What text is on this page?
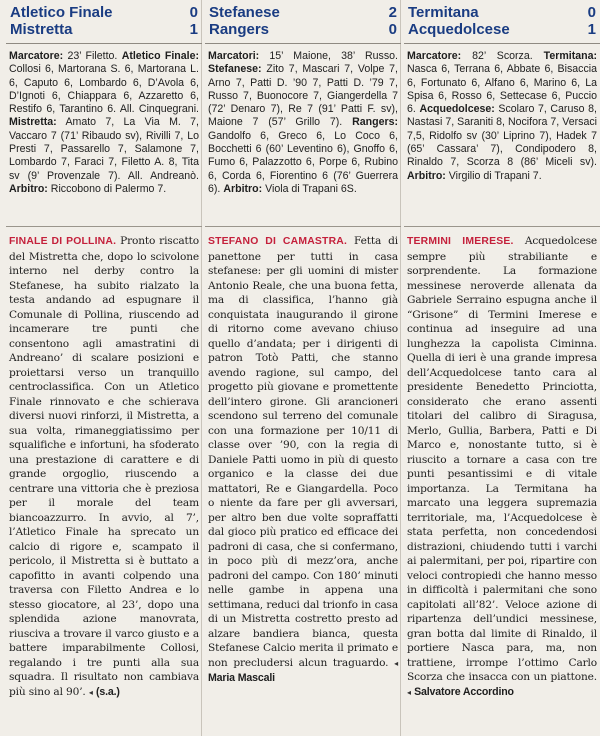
Atletico Finale	0
Mistretta	1
Marcatore: 23’ Filetto. Atletico Finale: Collosi 6, Martorana S. 6, Martorana L. 6, Caputo 6, Lombardo 6, D’Avola 6, D’Ignoti 6, Chiappara 6, Azzaretto 6, Restifo 6, Tarantino 6. All. Cinquegrani. Mistretta: Amato 7, La Via M. 7, Vaccaro 7 (71’ Ribaudo sv), Rivilli 7, Lo Presti 7, Passarello 7, Salamone 7, Lombardo 7, Faraci 7, Filetto A. 8, Tita sv (9’ Provenzale 7). All. Andreanò. Arbitro: Riccobono di Palermo 7.
FINALE DI POLLINA. Pronto riscatto del Mistretta che, dopo lo scivolone interno nel derby contro la Stefanese, ha subito rialzato la testa andando ad espugnare il Comunale di Pollina, riuscendo ad incamerare tre punti che consentono agli amastratini di Andreano’ di scalare posizioni e proiettarsi verso un tranquillo centroclassifica. Con un Atletico Finale rinnovato e che schierava diversi nuovi rinforzi, il Mistretta, a sua volta, rimaneggiatissimo per squalifiche e infortuni, ha sfoderato una prestazione di carattere e di grande orgoglio, riuscendo a centrare una vittoria che è preziosa per il morale del team biancoazzurro. In avvio, al 7’, l’Atletico Finale ha sprecato un calcio di rigore e, scampato il pericolo, il Mistretta si è buttato a capofitto in avanti colpendo una traversa con Filetto Andrea e lo stesso giocatore, al 23’, dopo una splendida azione manovrata, riusciva a trovare il varco giusto e a battere imparabilmente Collosi, regalando i tre punti alla sua squadra. Il risultato non cambiava più sino al 90’. ◂ (s.a.)
Stefanese	2
Rangers	0
Marcatori: 15’ Maione, 38’ Russo. Stefanese: Zito 7, Mascari 7, Volpe 7, Arno 7, Patti D. ’90 7, Patti D. ’79 7, Russo 7, Buonocore 7, Giangerdella 7 (72’ Denaro 7), Re 7 (91’ Patti F. sv), Maione 7 (57’ Grillo 7). Rangers: Gandolfo 6, Greco 6, Lo Coco 6, Bocchetti 6 (60’ Leventino 6), Gnoffo 6, Fumo 6, Palazzotto 6, Porpe 6, Rubino 6, Corda 6, Fiorentino 6 (76’ Guerrera 6). Arbitro: Viola di Trapani 6S.
STEFANO DI CAMASTRA. Fetta di panettone per tutti in casa stefanese: per gli uomini di mister Antonio Reale, che una buona fetta, ma di classifica, l’hanno già conquistata inaugurando il girone di ritorno come avevano chiuso quello d’andata; per i dirigenti di patron Totò Patti, che stanno avendo ragione, sul campo, del progetto più giovane e promettente dell’intero girone. Gli arancioneri scendono sul terreno del comunale con una formazione per 10/11 di classe over ’90, con la regia di Daniele Patti uomo in più di questo organico e la classe dei due mattatori, Re e Giangardella. Poco o niente da fare per gli avversari, per altro ben due volte sopraffatti dal gioco più pratico ed efficace dei padroni di casa, che si confermano, in poco più di mezz’ora, anche padroni del campo. Con 180’ minuti nelle gambe in appena una settimana, reduci dal trionfo in casa di un Mistretta costretto presto ad alzare bandiera bianca, questa Stefanese Calcio merita il primato e non precludersi alcun traguardo. ◂ Maria Mascali
Termitana	0
Acquedolcese	1
Marcatore: 82’ Scorza. Termitana: Nasca 6, Terrana 6, Abbate 6, Bisaccia 6, Fortunato 6, Alfano 6, Marino 6, La Spisa 6, Rosso 6, Settecase 6, Puccio 6. Acquedolcese: Scolaro 7, Caruso 8, Nastasi 7, Saraniti 8, Nocifora 7, Versaci 7,5, Ridolfo sv (30’ Liprino 7), Hadek 7 (65’ Cassara’ 7), Condipodero 8, Rinaldo 7, Scorza 8 (86’ Miceli sv). Arbitro: Virgilio di Trapani 7.
TERMINI IMERESE. Acquedolcese sempre più strabiliante e sorprendente. La formazione messinese neroverde allenata da Gabriele Serraino espugna anche il “Grisone” di Termini Imerese e continua ad inseguire ad una lunghezza la capolista Ciminna. Quella di ieri è una grande impresa dell’Acquedolcese tanto cara al presidente Benedetto Princiotta, considerato che erano assenti titolari del calibro di Siragusa, Merlo, Gullia, Barbera, Patti e Di Marco e, nonostante tutto, si è riuscito a tornare a casa con tre punti pesantissimi e di vitale importanza. La Termitana ha marcato una leggera supremazia territoriale, ma, l’Acquedolcese è stata perfetta, non concedendosi distrazioni, chiudendo tutti i varchi ai palermitani, per poi, ripartire con veloci contropiedi che hanno messo in difficoltà i palermitani che sono capitolati all’82’. Veloce azione di ripartenza dell’undici messinese, gran botta dal limite di Rinaldo, il portiere Nasca para, ma, non trattiene, irrompe l’ottimo Carlo Scorza che insacca con un piattone. ◂ Salvatore Accordino
